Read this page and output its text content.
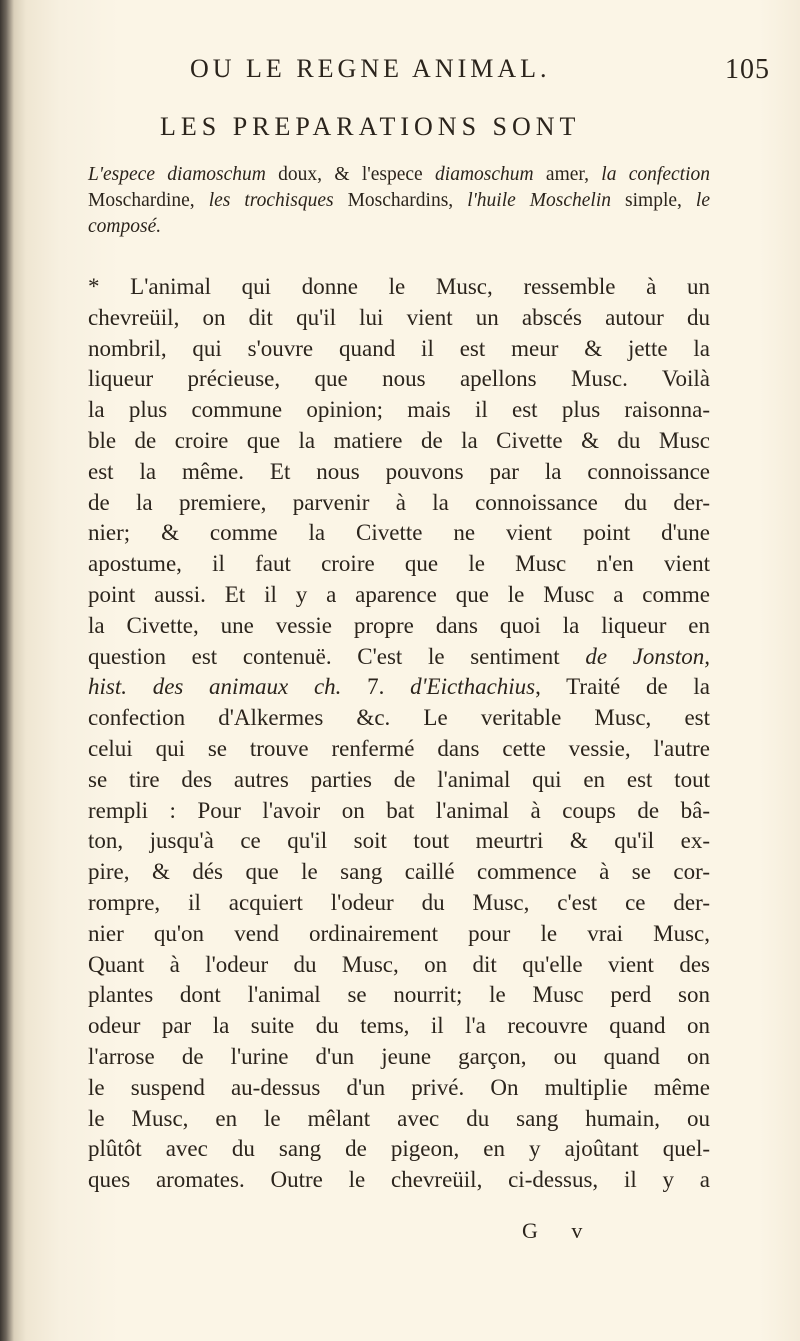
OU LE REGNE ANIMAL.	105
LES PREPARATIONS SONT
L'espece diamoschum doux, & l'espece diamoschum amer, la confection Moschardine, les trochisques Moschardins, l'huile Moschelin simple, le composé.
* L'animal qui donne le Musc, ressemble à un
chevreüil, on dit qu'il lui vient un abscés autour du
nombril, qui s'ouvre quand il est meur & jette la
liqueur précieuse, que nous apellons Musc. Voilà
la plus commune opinion; mais il est plus raisonna-
ble de croire que la matiere de la Civette & du Musc
est la même. Et nous pouvons par la connoissance
de la premiere, parvenir à la connoissance du der-
nier; & comme la Civette ne vient point d'une
apostume, il faut croire que le Musc n'en vient
point aussi. Et il y a aparence que le Musc a comme
la Civette, une vessie propre dans quoi la liqueur en
question est contenuë. C'est le sentiment de Jonston,
hist. des animaux ch. 7. d'Eicthachius, Traité de la
confection d'Alkermes &c. Le veritable Musc, est
celui qui se trouve renfermé dans cette vessie, l'autre
se tire des autres parties de l'animal qui en est tout
rempli : Pour l'avoir on bat l'animal à coups de bâ-
ton, jusqu'à ce qu'il soit tout meurtri & qu'il ex-
pire, & dés que le sang caillé commence à se cor-
rompre, il acquiert l'odeur du Musc, c'est ce der-
nier qu'on vend ordinairement pour le vrai Musc,
Quant à l'odeur du Musc, on dit qu'elle vient des
plantes dont l'animal se nourrit; le Musc perd son
odeur par la suite du tems, il l'a recouvre quand on
l'arrose de l'urine d'un jeune garçon, ou quand on
le suspend au-dessus d'un privé. On multiplie même
le Musc, en le mêlant avec du sang humain, ou
plûtôt avec du sang de pigeon, en y ajoûtant quel-
ques aromates. Outre le chevreüil, ci-dessus, il y a
G v
